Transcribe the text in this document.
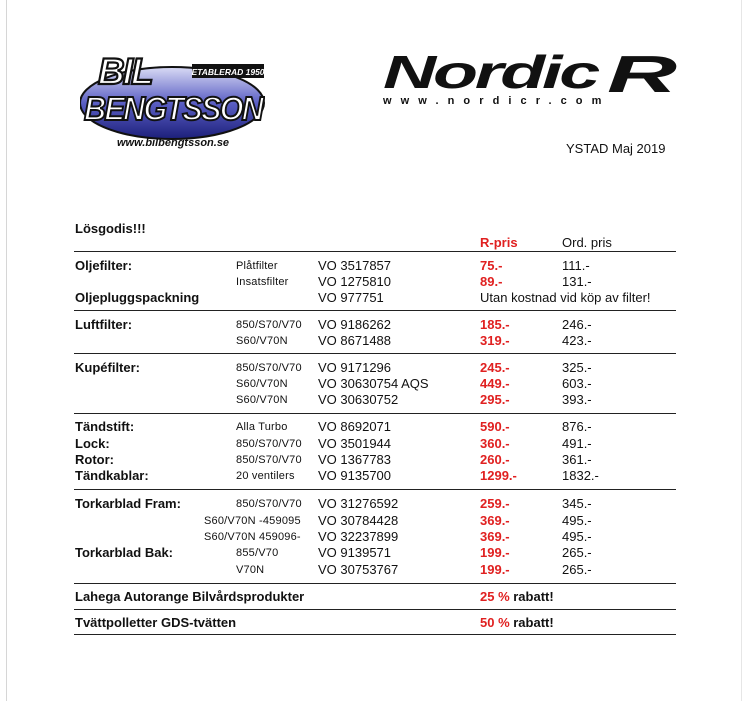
ETABLERAD 1950
BIL
BENGTSSON
www.bilbengtsson.se
Nordic R
www.nordicr.com
YSTAD Maj 2019
Lösgodis!!!
R-pris	Ord. pris
Oljefilter:	Plåtfilter	VO 3517857	75.-	111.-
Insatsfilter VO 1275810	89.-	131.-
Oljepluggspackning	VO 977751	Utan kostnad vid köp av filter!
Luftfilter:	850/S70/V70 VO 9186262	185.-	246.-
S60/V70N VO 8671488	319.-	423.-
Kupéfilter:	850/S70/V70 VO 9171296	245.-	325.-
S60/V70N VO 30630754 AQS	449.-	603.-
S60/V70N VO 30630752	295.-	393.-
Tändstift:	Alla Turbo VO 8692071	590.-	876.-
Lock:	850/S70/V70 VO 3501944	360.-	491.-
Rotor:	850/S70/V70 VO 1367783	260.-	361.-
Tändkablar:	20 ventilers VO 9135700	1299.-	1832.-
Torkarblad Fram:	850/S70/V70 VO 31276592	259.-	345.-
S60/V70N -459095 VO 30784428	369.-	495.-
S60/V70N 459096- VO 32237899	369.-	495.-
Torkarblad Bak:	855/V70	VO 9139571	199.-	265.-
V70N	VO 30753767	199.-	265.-
Lahega Autorange Bilvårdsprodukter	25 % rabatt!
Tvättpolletter GDS-tvätten	50 % rabatt!
